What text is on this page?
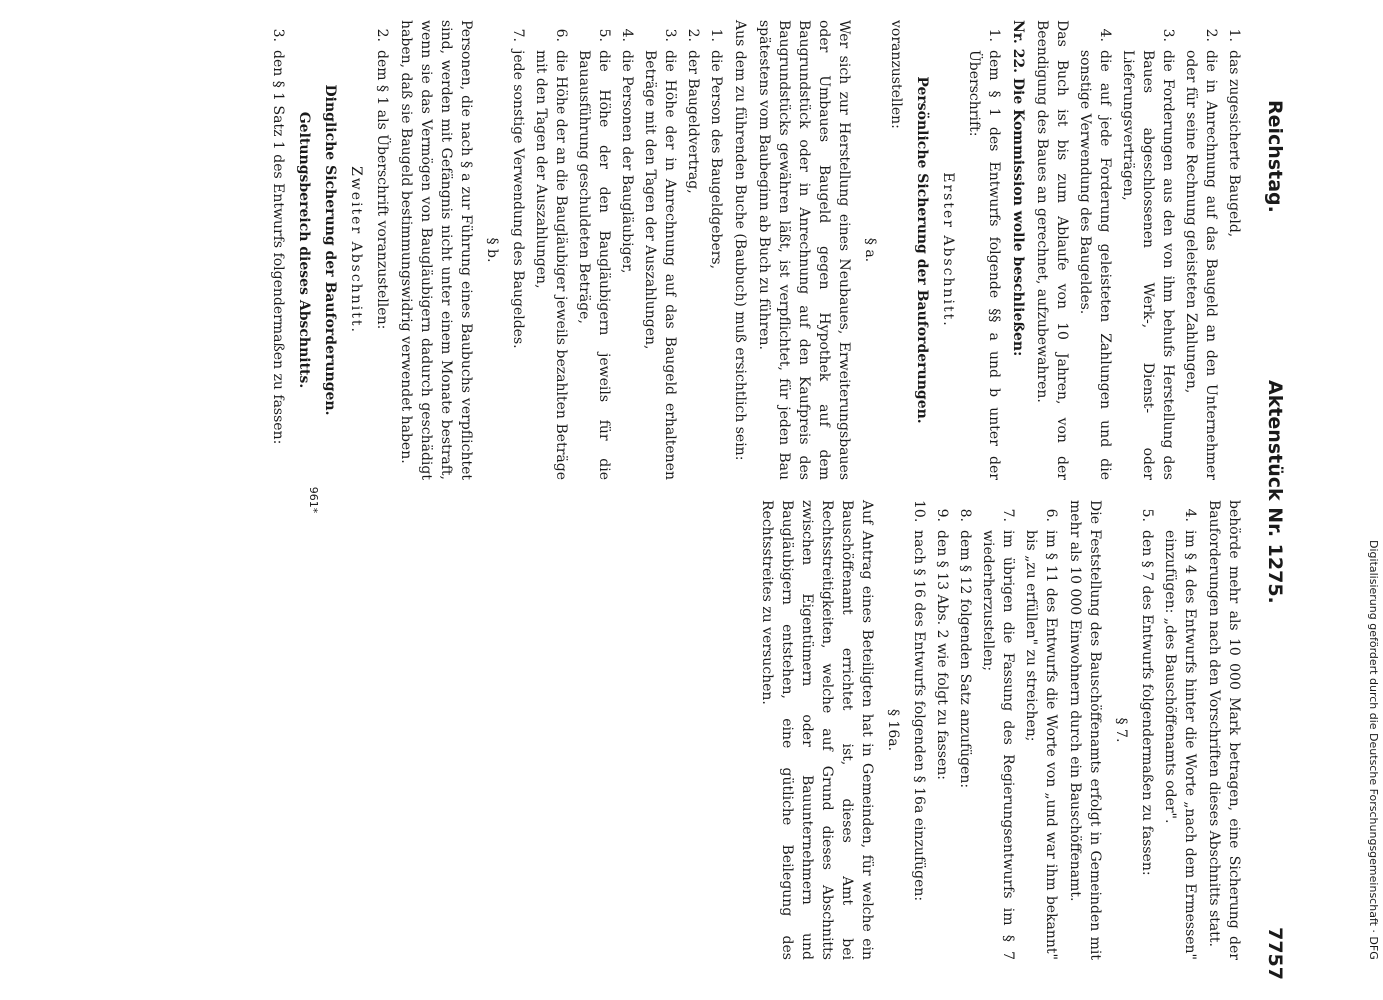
Reichstag.
Aktenstück Nr. 1275.
7757
1.
das zugesicherte Baugeld,
2.
die in Anrechnung auf das Baugeld an den Unternehmer oder für seine Rechnung geleisteten Zahlungen,
3.
die Forderungen aus den von ihm behufs Herstellung des Baues abgeschlossenen Werk-, Dienst- oder Lieferungsverträgen,
4.
die auf jede Forderung geleisteten Zahlungen und die sonstige Verwendung des Baugeldes.

Das Buch ist bis zum Ablaufe von 10 Jahren, von der Beendigung des Baues an gerechnet, aufzubewahren.

Nr. 22. Die Kommission wolle beschließen:

1.
dem § 1 des Entwurfs folgende §§ a und b unter der Überschrift:
Erster Abschnitt.
Persönliche Sicherung der Bauforderungen.

voranzustellen:

§ a.

Wer sich zur Herstellung eines Neubaues, Erweiterungsbaues oder Umbaues Baugeld gegen Hypothek auf dem Baugrundstück oder in Anrechnung auf den Kaufpreis des Baugrundstücks gewähren läßt, ist verpflichtet, für jeden Bau spätestens vom Baubeginn ab Buch zu führen.

Aus dem zu führenden Buche (Baubuch) muß ersichtlich sein:

1.
die Person des Baugeldgebers,
2.
der Baugeldvertrag,
3.
die Höhe der in Anrechnung auf das Baugeld erhaltenen Beträge mit den Tagen der Auszahlungen,
4.
die Personen der Baugläubiger,
5.
die Höhe der den Baugläubigern jeweils für die Bauausführung geschuldeten Beträge,
6.
die Höhe der an die Baugläubiger jeweils bezahlten Beträge mit den Tagen der Auszahlungen,
7.
jede sonstige Verwendung des Baugeldes.
§ b.

Personen, die nach § a zur Führung eines Baubuchs verpflichtet sind, werden mit Gefängnis nicht unter einem Monate bestraft, wenn sie das Vermögen von Baugläubigern dadurch geschädigt haben, daß sie Baugeld bestimmungswidrig verwendet haben.

2.
dem § 1 als Überschrift voranzustellen:
Zweiter Abschnitt.
Dingliche Sicherung der Bauforderungen.
Geltungsbereich dieses Abschnitts.
3.
den § 1 Satz 1 des Entwurfs folgendermaßen zu fassen:

behörde mehr als 10 000 Mark betragen, eine Sicherung der Bauforderungen nach den Vorschriften dieses Abschnitts statt.

4.
im § 4 des Entwurfs hinter die Worte „nach dem Ermessen" einzufügen: „des Bauschöffenamts oder".
5.
den § 7 des Entwurfs folgendermaßen zu fassen:
§ 7.

Die Feststellung des Bauschöffenamts erfolgt in Gemeinden mit mehr als 10 000 Einwohnern durch ein Bauschöffenamt.

6.
im § 11 des Entwurfs die Worte von „und war ihm bekannt" bis „zu erfüllen" zu streichen;
7.
im übrigen die Fassung des Regierungsentwurfs im § 7 wiederherzustellen;
8.
dem § 12 folgenden Satz anzufügen:
9.
den § 13 Abs. 2 wie folgt zu fassen:
10.
nach § 16 des Entwurfs folgenden § 16a einzufügen:
§ 16a.

Auf Antrag eines Beteiligten hat in Gemeinden, für welche ein Bauschöffenamt errichtet ist, dieses Amt bei Rechtsstreitigkeiten, welche auf Grund dieses Abschnitts zwischen Eigentümern oder Bauunternehmern und Baugläubigern entstehen, eine gütliche Beilegung des Rechtsstreites zu versuchen.

961*
Digitalisierung gefördert durch die Deutsche Forschungsgemeinschaft · DFG
